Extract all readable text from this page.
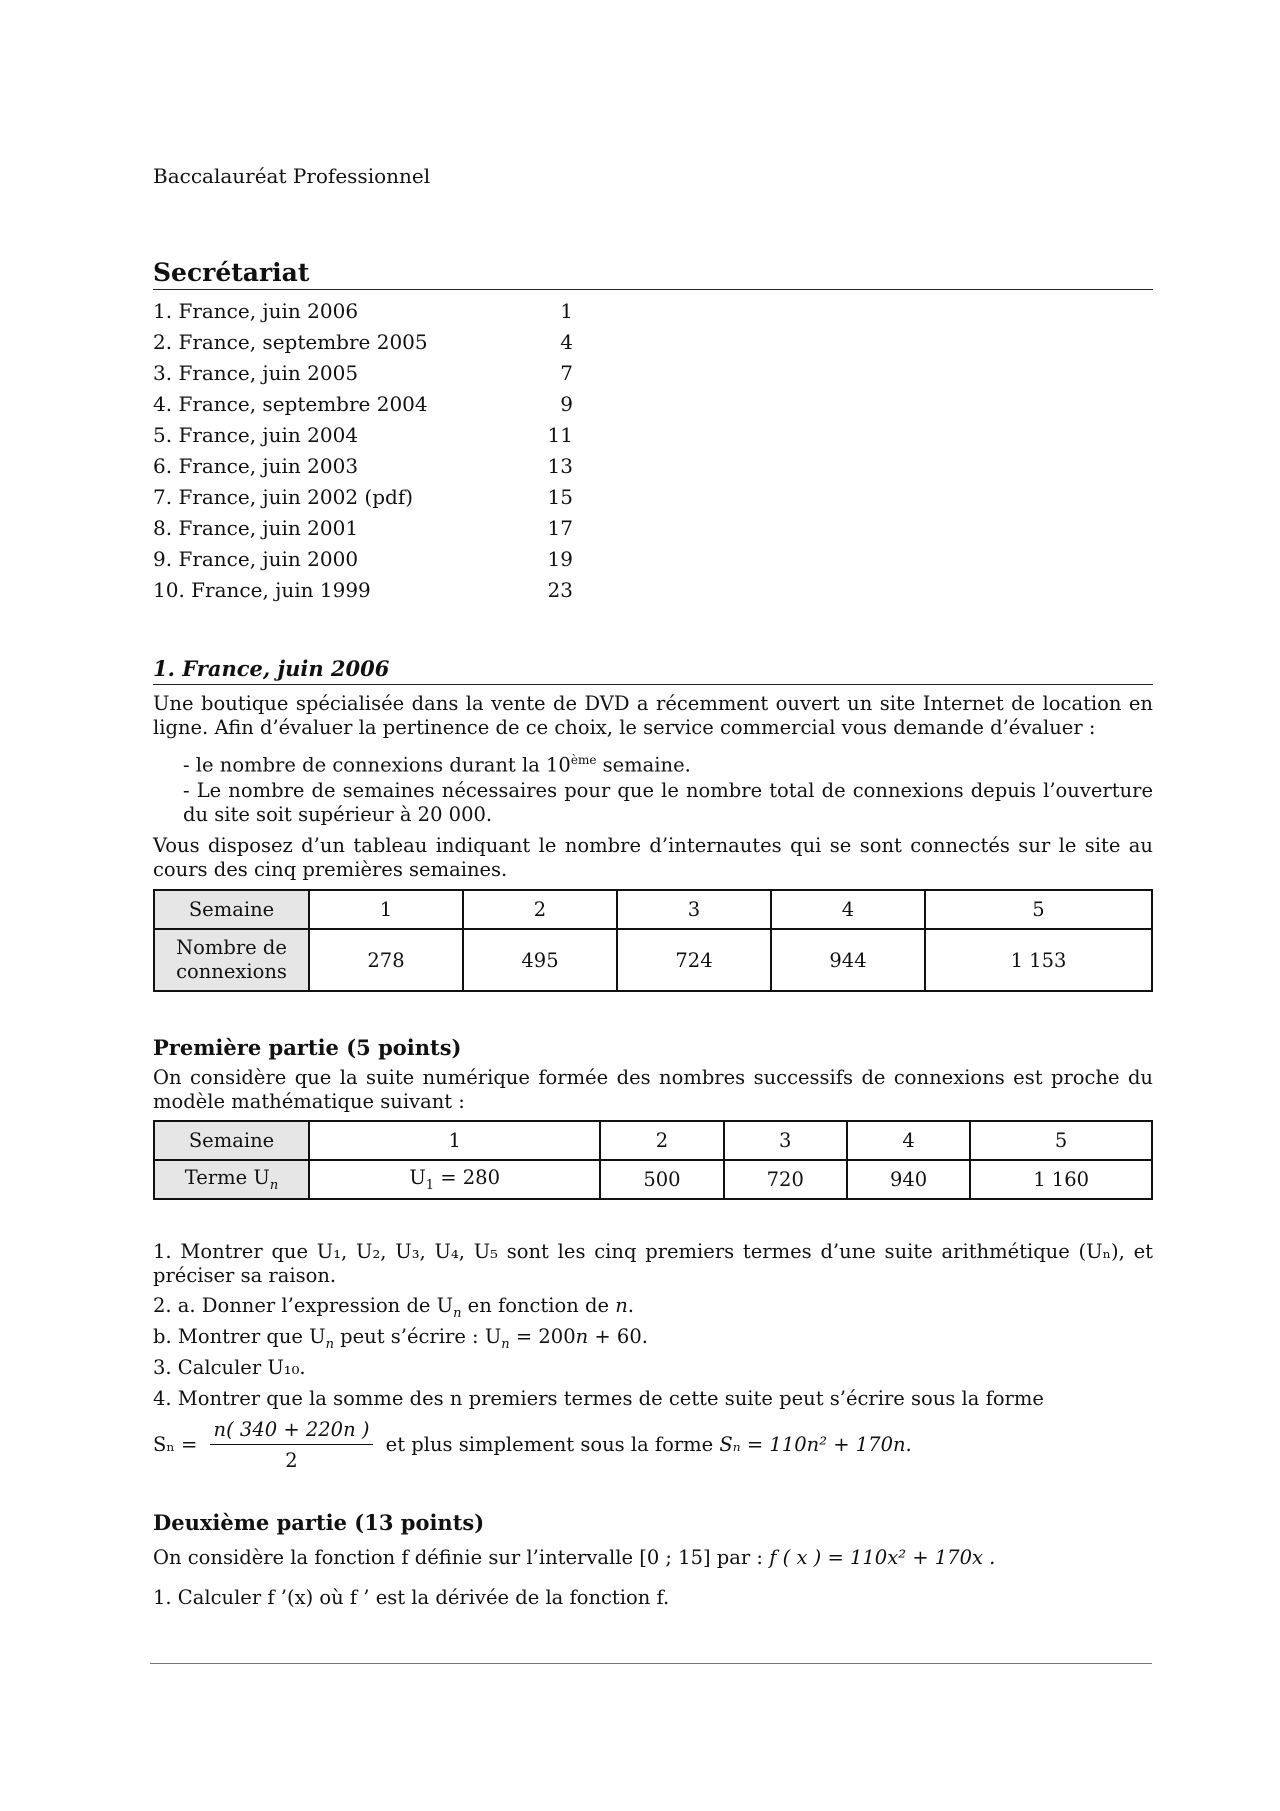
Baccalauréat Professionnel
Secrétariat
1. France, juin 2006	1
2. France, septembre 2005	4
3. France, juin 2005	7
4. France, septembre 2004	9
5. France, juin 2004	11
6. France, juin 2003	13
7. France, juin 2002 (pdf)	15
8. France, juin 2001	17
9. France, juin 2000	19
10. France, juin 1999	23
1. France, juin 2006
Une boutique spécialisée dans la vente de DVD a récemment ouvert un site Internet de location en ligne. Afin d’évaluer la pertinence de ce choix, le service commercial vous demande d’évaluer :
- le nombre de connexions durant la 10ème semaine.
- Le nombre de semaines nécessaires pour que le nombre total de connexions depuis l’ouverture du site soit supérieur à 20 000.
Vous disposez d’un tableau indiquant le nombre d’internautes qui se sont connectés sur le site au cours des cinq premières semaines.
Semaine	1	2	3	4	5
Nombre de
connexions	278	495	724	944	1 153
Première partie (5 points)
On considère que la suite numérique formée des nombres successifs de connexions est proche du modèle mathématique suivant :
Semaine	1	2	3	4	5
Terme $U_n$	$U_1 = 280$	500	720	940	1 160
1. Montrer que U₁, U₂, U₃, U₄, U₅ sont les cinq premiers termes d’une suite arithmétique (Uₙ), et préciser sa raison.
2. a. Donner l’expression de $U_n$ en fonction de n.
b. Montrer que $U_n$ peut s’écrire : $U_n = 200n + 60$.
3. Calculer U₁₀.
4. Montrer que la somme des n premiers termes de cette suite peut s’écrire sous la forme
$S_n = \frac{n( 340 + 220n )}{2}$ et plus simplement sous la forme Sₙ = 110n² + 170n.
Deuxième partie (13 points)
On considère la fonction f définie sur l’intervalle [0 ; 15] par : f ( x ) = 110x² + 170x .
1. Calculer f ’(x) où f ’ est la dérivée de la fonction f.
